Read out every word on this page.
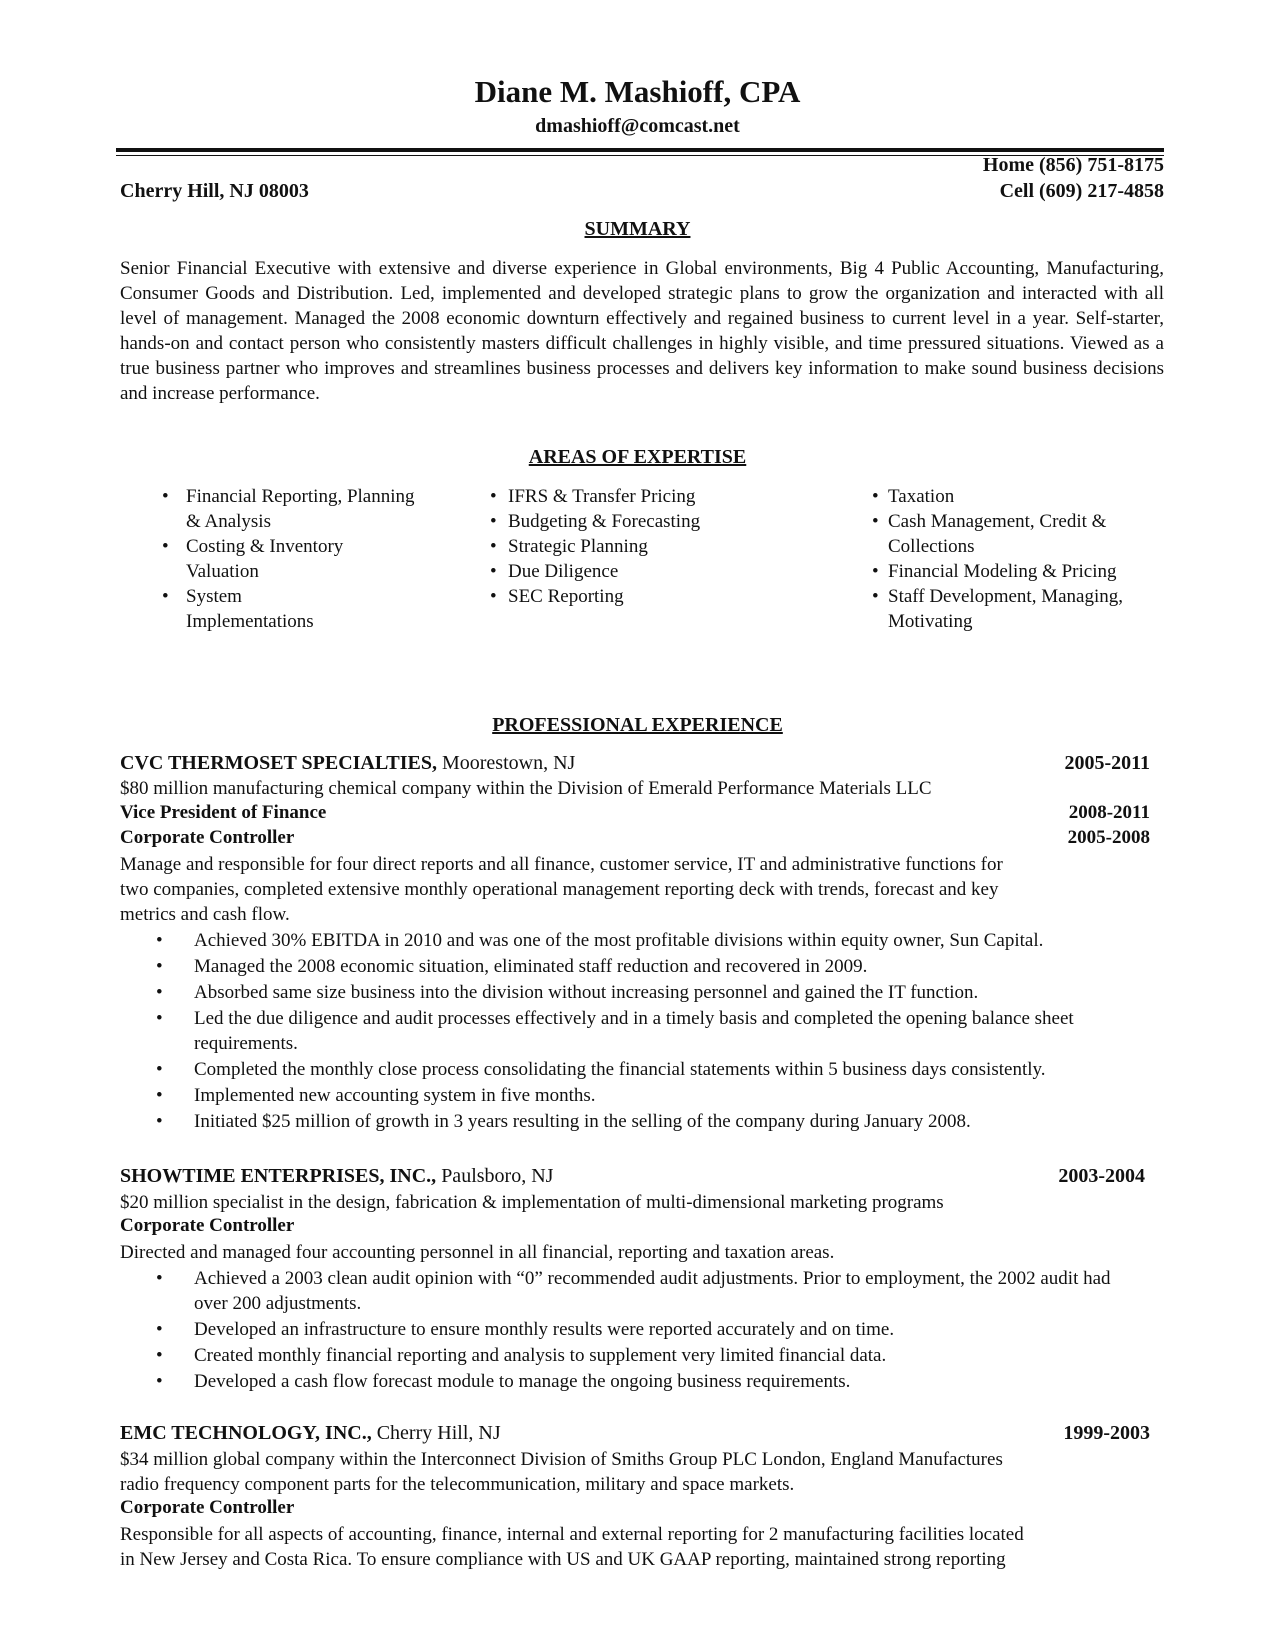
Diane M. Mashioff, CPA
dmashioff@comcast.net
Home (856) 751-8175
Cherry Hill, NJ 08003	Cell (609) 217-4858
SUMMARY
Senior Financial Executive with extensive and diverse experience in Global environments, Big 4 Public Accounting, Manufacturing, Consumer Goods and Distribution. Led, implemented and developed strategic plans to grow the organization and interacted with all level of management. Managed the 2008 economic downturn effectively and regained business to current level in a year. Self-starter, hands-on and contact person who consistently masters difficult challenges in highly visible, and time pressured situations. Viewed as a true business partner who improves and streamlines business processes and delivers key information to make sound business decisions and increase performance.
AREAS OF EXPERTISE
• Financial Reporting, Planning & Analysis
• Costing & Inventory Valuation
• System Implementations
• IFRS & Transfer Pricing
• Budgeting & Forecasting
• Strategic Planning
• Due Diligence
• SEC Reporting
• Taxation
• Cash Management, Credit & Collections
• Financial Modeling & Pricing
• Staff Development, Managing, Motivating
PROFESSIONAL EXPERIENCE
CVC THERMOSET SPECIALTIES, Moorestown, NJ	2005-2011
$80 million manufacturing chemical company within the Division of Emerald Performance Materials LLC
Vice President of Finance	2008-2011
Corporate Controller	2005-2008
Manage and responsible for four direct reports and all finance, customer service, IT and administrative functions for
two companies, completed extensive monthly operational management reporting deck with trends, forecast and key
metrics and cash flow.
• Achieved 30% EBITDA in 2010 and was one of the most profitable divisions within equity owner, Sun Capital.
• Managed the 2008 economic situation, eliminated staff reduction and recovered in 2009.
• Absorbed same size business into the division without increasing personnel and gained the IT function.
• Led the due diligence and audit processes effectively and in a timely basis and completed the opening balance sheet requirements.
• Completed the monthly close process consolidating the financial statements within 5 business days consistently.
• Implemented new accounting system in five months.
• Initiated $25 million of growth in 3 years resulting in the selling of the company during January 2008.
SHOWTIME ENTERPRISES, INC., Paulsboro, NJ	2003-2004
$20 million specialist in the design, fabrication & implementation of multi-dimensional marketing programs
Corporate Controller
Directed and managed four accounting personnel in all financial, reporting and taxation areas.
• Achieved a 2003 clean audit opinion with “0” recommended audit adjustments. Prior to employment, the 2002 audit had over 200 adjustments.
• Developed an infrastructure to ensure monthly results were reported accurately and on time.
• Created monthly financial reporting and analysis to supplement very limited financial data.
• Developed a cash flow forecast module to manage the ongoing business requirements.
EMC TECHNOLOGY, INC., Cherry Hill, NJ	1999-2003
$34 million global company within the Interconnect Division of Smiths Group PLC London, England Manufactures
radio frequency component parts for the telecommunication, military and space markets.
Corporate Controller
Responsible for all aspects of accounting, finance, internal and external reporting for 2 manufacturing facilities located
in New Jersey and Costa Rica. To ensure compliance with US and UK GAAP reporting, maintained strong reporting
